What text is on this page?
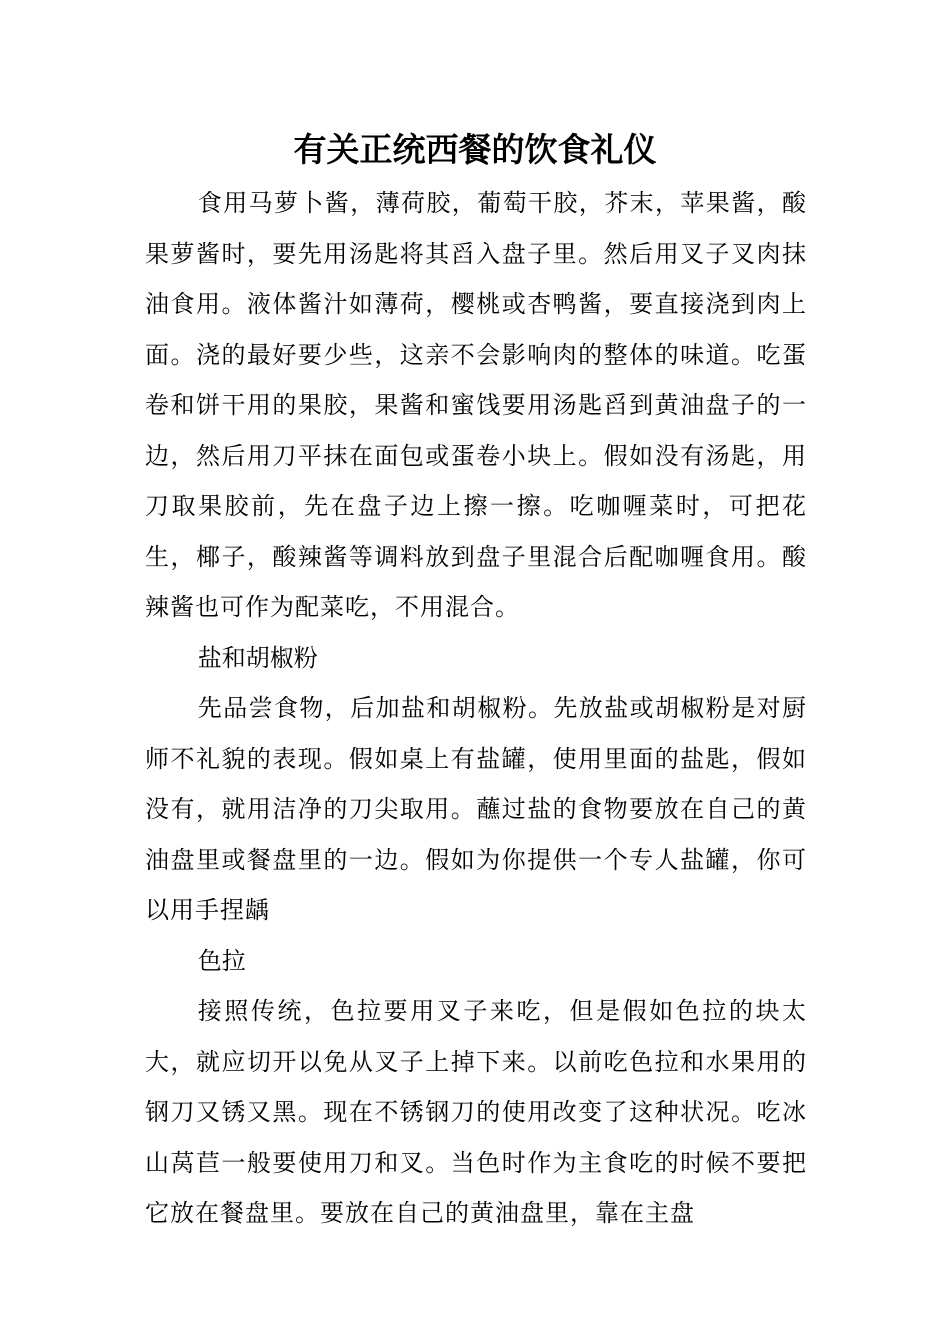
有关正统西餐的饮食礼仪

食用马萝卜酱，薄荷胶，葡萄干胶，芥末，苹果酱，酸果萝酱时，要先用汤匙将其舀入盘子里。然后用叉子叉肉抹油食用。液体酱汁如薄荷，樱桃或杏鸭酱，要直接浇到肉上面。浇的最好要少些，这亲不会影响肉的整体的味道。吃蛋卷和饼干用的果胶，果酱和蜜饯要用汤匙舀到黄油盘子的一边，然后用刀平抹在面包或蛋卷小块上。假如没有汤匙，用刀取果胶前，先在盘子边上擦一擦。吃咖喱菜时，可把花生，椰子，酸辣酱等调料放到盘子里混合后配咖喱食用。酸辣酱也可作为配菜吃，不用混合。

盐和胡椒粉

先品尝食物，后加盐和胡椒粉。先放盐或胡椒粉是对厨师不礼貌的表现。假如桌上有盐罐，使用里面的盐匙，假如没有，就用洁净的刀尖取用。蘸过盐的食物要放在自己的黄油盘里或餐盘里的一边。假如为你提供一个专人盐罐，你可以用手捏龋

色拉

接照传统，色拉要用叉子来吃，但是假如色拉的块太大，就应切开以免从叉子上掉下来。以前吃色拉和水果用的钢刀又锈又黑。现在不锈钢刀的使用改变了这种状况。吃冰山莴苣一般要使用刀和叉。当色时作为主食吃的时候不要把它放在餐盘里。要放在自己的黄油盘里，靠在主盘
